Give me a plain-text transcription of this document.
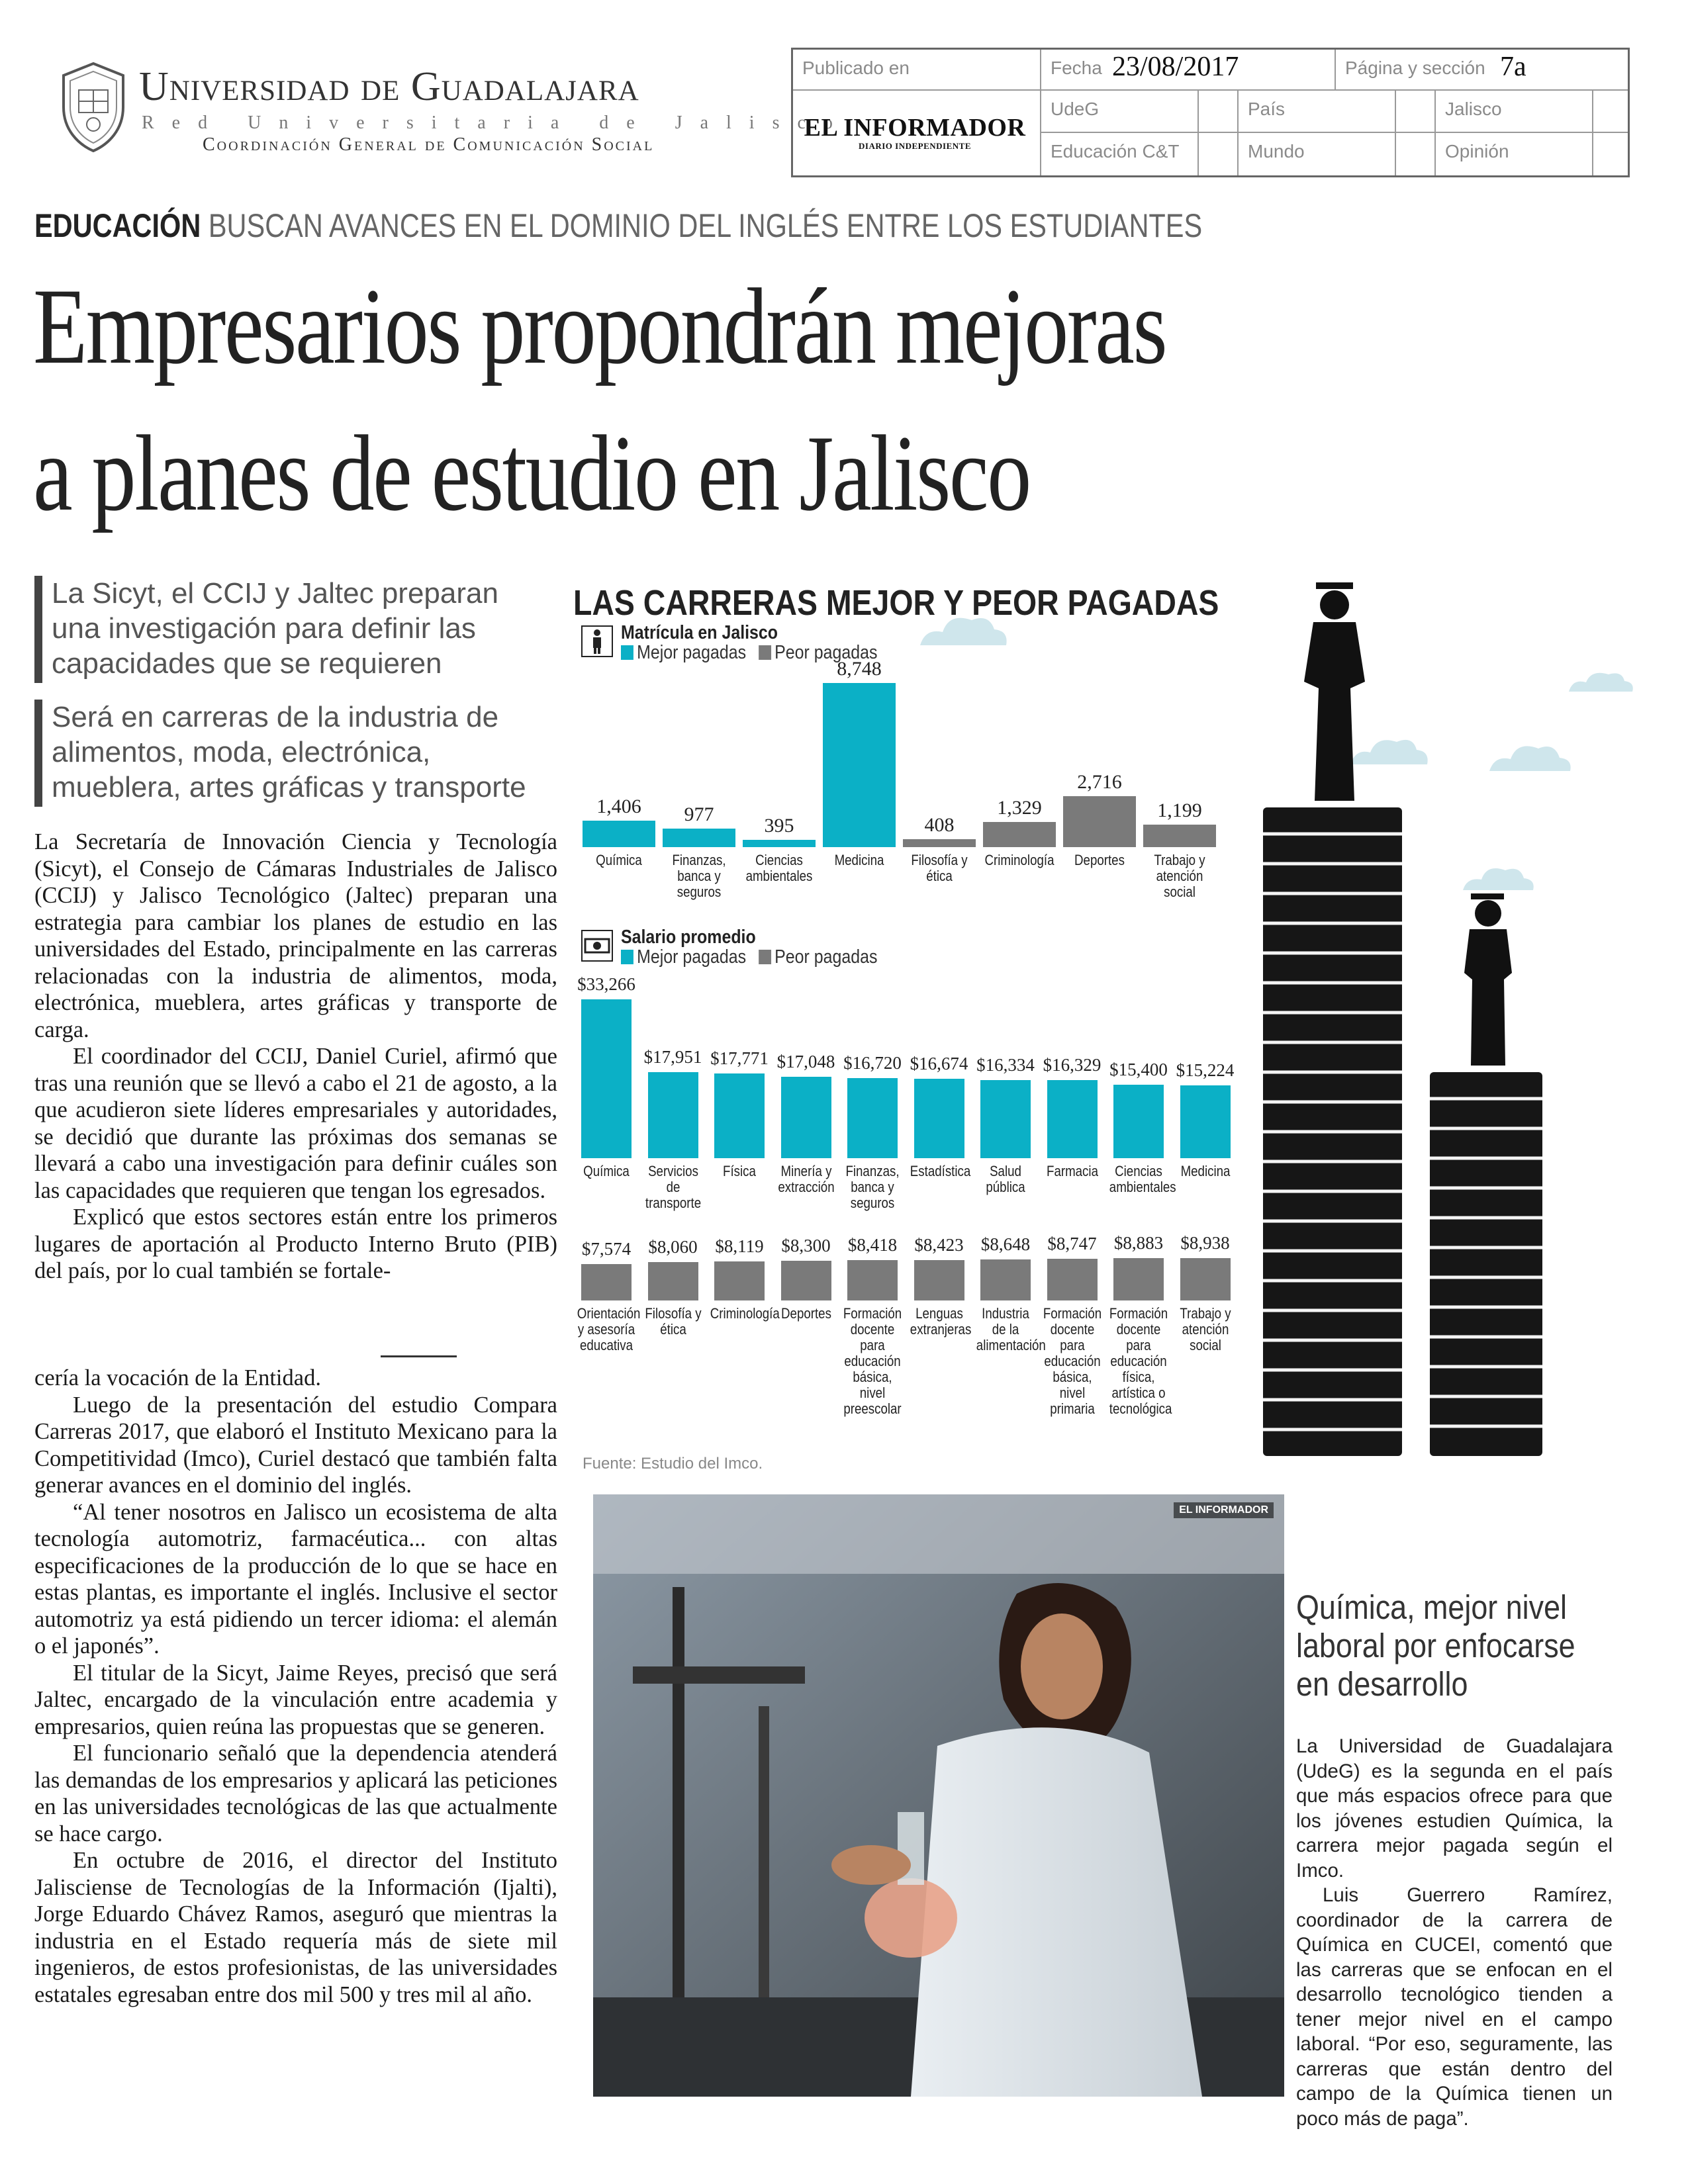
Universidad de Guadalajara
Red Universitaria de Jalisco
Coordinación General de Comunicación Social
Publicado en
EL INFORMADOR
DIARIO INDEPENDIENTE
Fecha 23/08/2017	Página y sección 7a
UdeG	País	Jalisco
Educación C&T	Mundo	Opinión
EDUCACIÓN BUSCAN AVANCES EN EL DOMINIO DEL INGLÉS ENTRE LOS ESTUDIANTES
Empresarios propondrán mejoras
a planes de estudio en Jalisco
La Sicyt, el CCIJ y Jaltec preparan una investigación para definir las capacidades que se requieren
Será en carreras de la industria de alimentos, moda, electrónica, mueblera, artes gráficas y transporte

La Secretaría de Innovación Ciencia y Tecnología (Sicyt), el Consejo de Cámaras Industriales de Jalisco (CCIJ) y Jalisco Tecnológico (Jaltec) preparan una estrategia para cambiar los planes de estudio en las universidades del Estado, principalmente en las carreras relacionadas con la industria de alimentos, moda, electrónica, mueblera, artes gráficas y transporte de carga.

El coordinador del CCIJ, Daniel Curiel, afirmó que tras una reunión que se llevó a cabo el 21 de agosto, a la que acudieron siete líderes empresariales y autoridades, se decidió que durante las próximas dos semanas se llevará a cabo una investigación para definir cuáles son las capacidades que requieren que tengan los egresados.

Explicó que estos sectores están entre los primeros lugares de aportación al Producto Interno Bruto (PIB) del país, por lo cual también se fortale-

cería la vocación de la Entidad.

Luego de la presentación del estudio Compara Carreras 2017, que elaboró el Instituto Mexicano para la Competitividad (Imco), Curiel destacó que también falta generar avances en el dominio del inglés.

“Al tener nosotros en Jalisco un ecosistema de alta tecnología automotriz, farmacéutica... con altas especificaciones de la producción de lo que se hace en estas plantas, es importante el inglés. Inclusive el sector automotriz ya está pidiendo un tercer idioma: el alemán o el japonés”.

El titular de la Sicyt, Jaime Reyes, precisó que será Jaltec, encargado de la vinculación entre academia y empresarios, quien reúna las propuestas que se generen.

El funcionario señaló que la dependencia atenderá las demandas de los empresarios y aplicará las peticiones en las universidades tecnológicas de las que actualmente se hace cargo.

En octubre de 2016, el director del Instituto Jalisciense de Tecnologías de la Información (Ijalti), Jorge Eduardo Chávez Ramos, aseguró que mientras la industria en el Estado requería más de siete mil ingenieros, de estos profesionistas, de las universidades estatales egresaban entre dos mil 500 y tres mil al año.

LAS CARRERAS MEJOR Y PEOR PAGADAS
Matrícula en Jalisco
Mejor pagadas Peor pagadas
Salario promedio
Mejor pagadas Peor pagadas
1,406
Química
977
Finanzas, banca y seguros
395
Ciencias ambientales
8,748
Medicina
408
Filosofía y ética
1,329
Criminología
2,716
Deportes
1,199
Trabajo y atención social
$33,266
Química
$17,951
Servicios de transporte
$17,771
Física
$17,048
Minería y extracción
$16,720
Finanzas, banca y seguros
$16,674
Estadística
$16,334
Salud pública
$16,329
Farmacia
$15,400
Ciencias ambientales
$15,224
Medicina
$7,574
Orientación y asesoría educativa
$8,060
Filosofía y ética
$8,119
Criminología
$8,300
Deportes
$8,418
Formación docente para educación básica, nivel preescolar
$8,423
Lenguas extranjeras
$8,648
Industria de la alimentación
$8,747
Formación docente para educación básica, nivel primaria
$8,883
Formación docente para educación física, artística o tecnológica
$8,938
Trabajo y atención social
Fuente: Estudio del Imco.
EL INFORMADOR
Química, mejor nivel laboral por enfocarse en desarrollo

La Universidad de Guadalajara (UdeG) es la segunda en el país que más espacios ofrece para que los jóvenes estudien Química, la carrera mejor pagada según el Imco.

Luis Guerrero Ramírez, coordinador de la carrera de Química en CUCEI, comentó que las carreras que se enfocan en el desarrollo tecnológico tienden a tener mejor nivel en el campo laboral. “Por eso, seguramente, las carreras que están dentro del campo de la Química tienen un poco más de paga”.
